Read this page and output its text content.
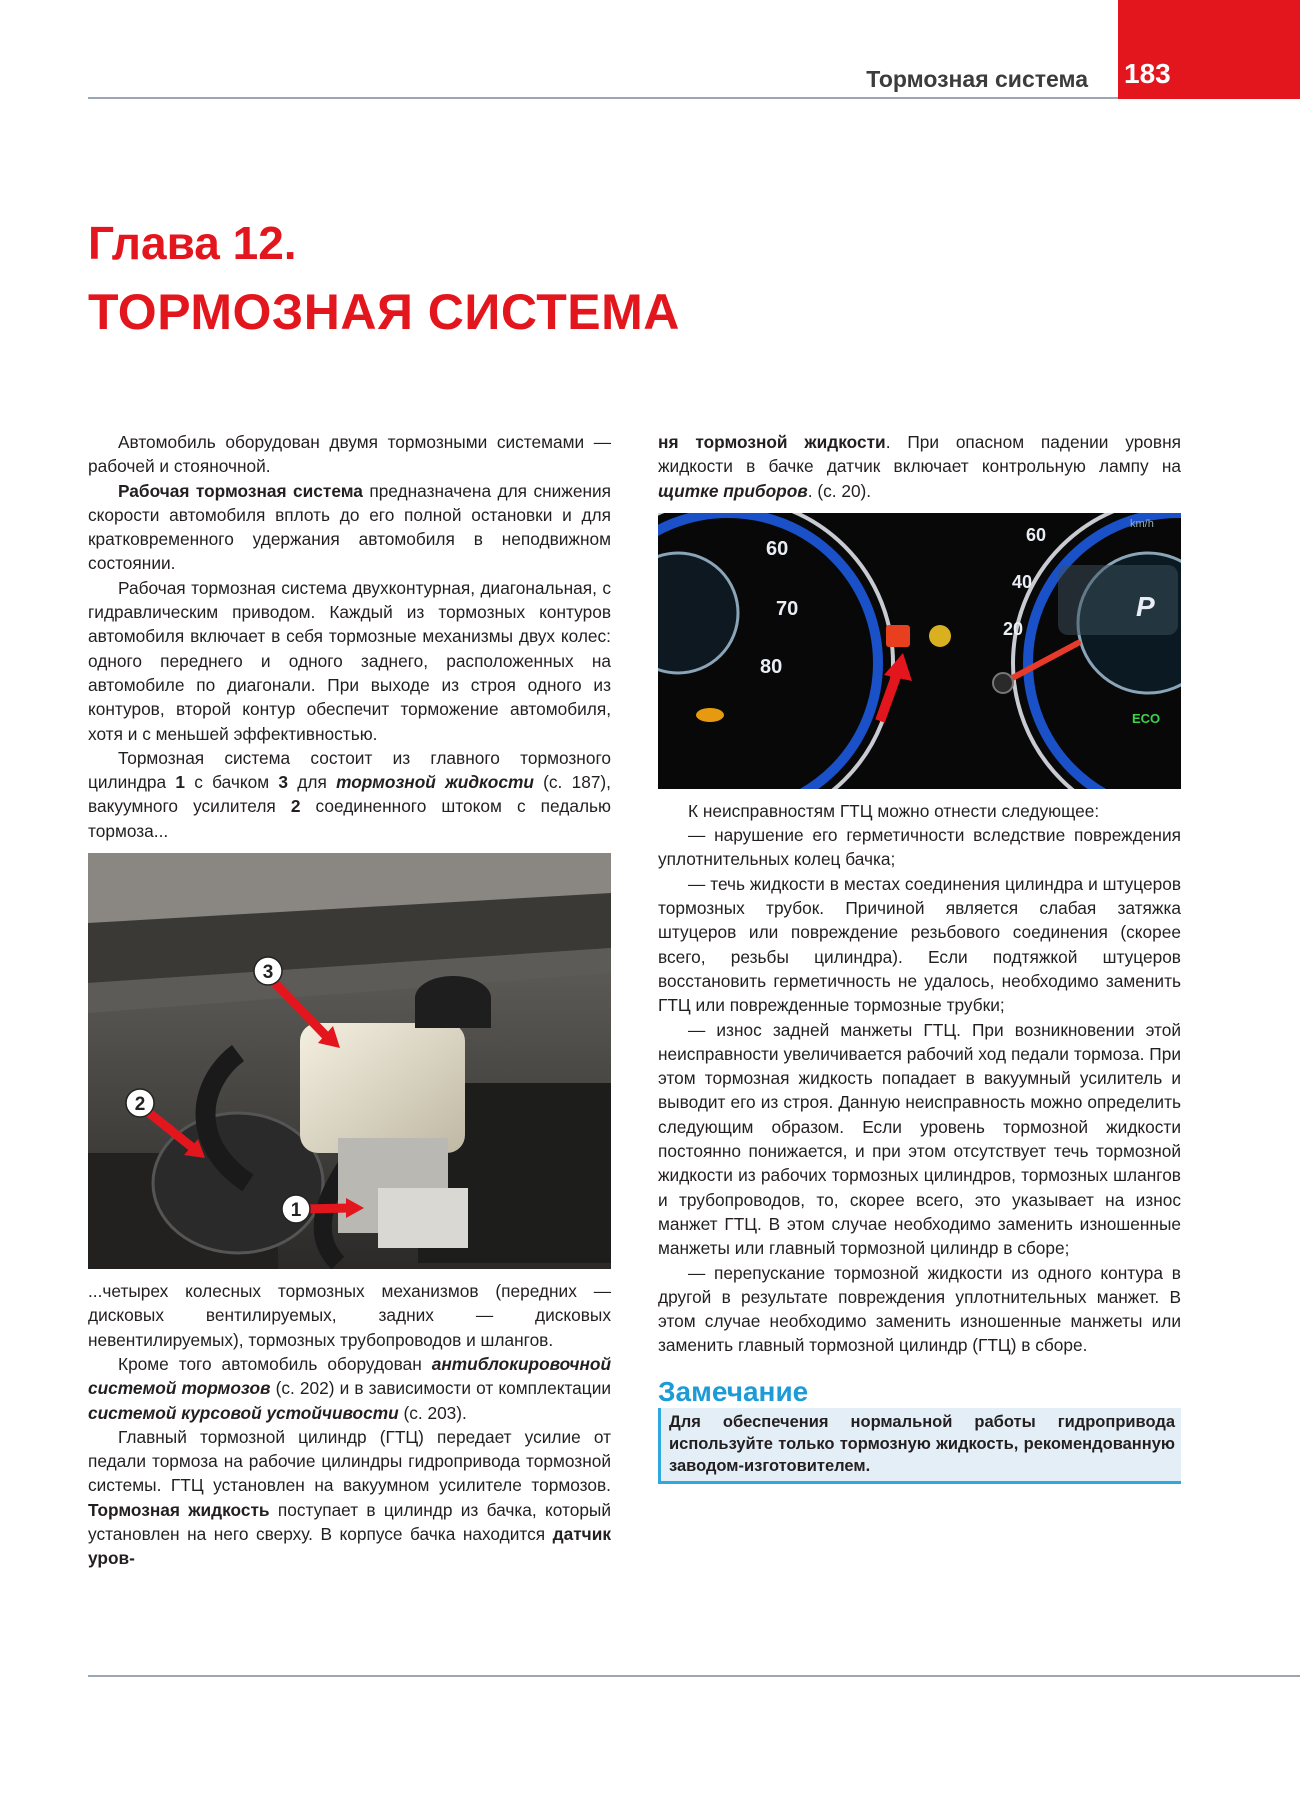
Тормозная система 183
Глава 12.
ТОРМОЗНАЯ СИСТЕМА

Автомобиль оборудован двумя тормозными системами — рабочей и стояночной.

Рабочая тормозная система предназначена для снижения скорости автомобиля вплоть до его полной остановки и для кратковременного удержания автомобиля в неподвижном состоянии.

Рабочая тормозная система двухконтурная, диагональная, с гидравлическим приводом. Каждый из тормозных контуров автомобиля включает в себя тормозные механизмы двух колес: одного переднего и одного заднего, расположенных на автомобиле по диагонали. При выходе из строя одного из контуров, второй контур обеспечит торможение автомобиля, хотя и с меньшей эффективностью.

Тормозная система состоит из главного тормозного цилиндра 1 с бачком 3 для тормозной жидкости (с. 187), вакуумного усилителя 2 соединенного штоком с педалью тормоза...

3
2
1

...четырех колесных тормозных механизмов (передних — дисковых вентилируемых, задних — дисковых невентилируемых), тормозных трубопроводов и шлангов.

Кроме того автомобиль оборудован антиблокировочной системой тормозов (с. 202) и в зависимости от комплектации системой курсовой устойчивости (с. 203).

Главный тормозной цилиндр (ГТЦ) передает усилие от педали тормоза на рабочие цилиндры гидропривода тормозной системы. ГТЦ установлен на вакуумном усилителе тормозов. Тормозная жидкость поступает в цилиндр из бачка, который установлен на него сверху. В корпусе бачка находится датчик уров-

ня тормозной жидкости. При опасном падении уровня жидкости в бачке датчик включает контрольную лампу на щитке приборов. (с. 20).

60
70
80
60
40
20
km/h
P
ECO

К неисправностям ГТЦ можно отнести следующее:

— нарушение его герметичности вследствие повреждения уплотнительных колец бачка;

— течь жидкости в местах соединения цилиндра и штуцеров тормозных трубок. Причиной является слабая затяжка штуцеров или повреждение резьбового соединения (скорее всего, резьбы цилиндра). Если подтяжкой штуцеров восстановить герметичность не удалось, необходимо заменить ГТЦ или поврежденные тормозные трубки;

— износ задней манжеты ГТЦ. При возникновении этой неисправности увеличивается рабочий ход педали тормоза. При этом тормозная жидкость попадает в вакуумный усилитель и выводит его из строя. Данную неисправность можно определить следующим образом. Если уровень тормозной жидкости постоянно понижается, и при этом отсутствует течь тормозной жидкости из рабочих тормозных цилиндров, тормозных шлангов и трубопроводов, то, скорее всего, это указывает на износ манжет ГТЦ. В этом случае необходимо заменить изношенные манжеты или главный тормозной цилиндр в сборе;

— перепускание тормозной жидкости из одного контура в другой в результате повреждения уплотнительных манжет. В этом случае необходимо заменить изношенные манжеты или заменить главный тормозной цилиндр (ГТЦ) в сборе.

Замечание
Для обеспечения нормальной работы гидропривода используйте только тормозную жидкость, рекомендованную заводом-изготовителем.
